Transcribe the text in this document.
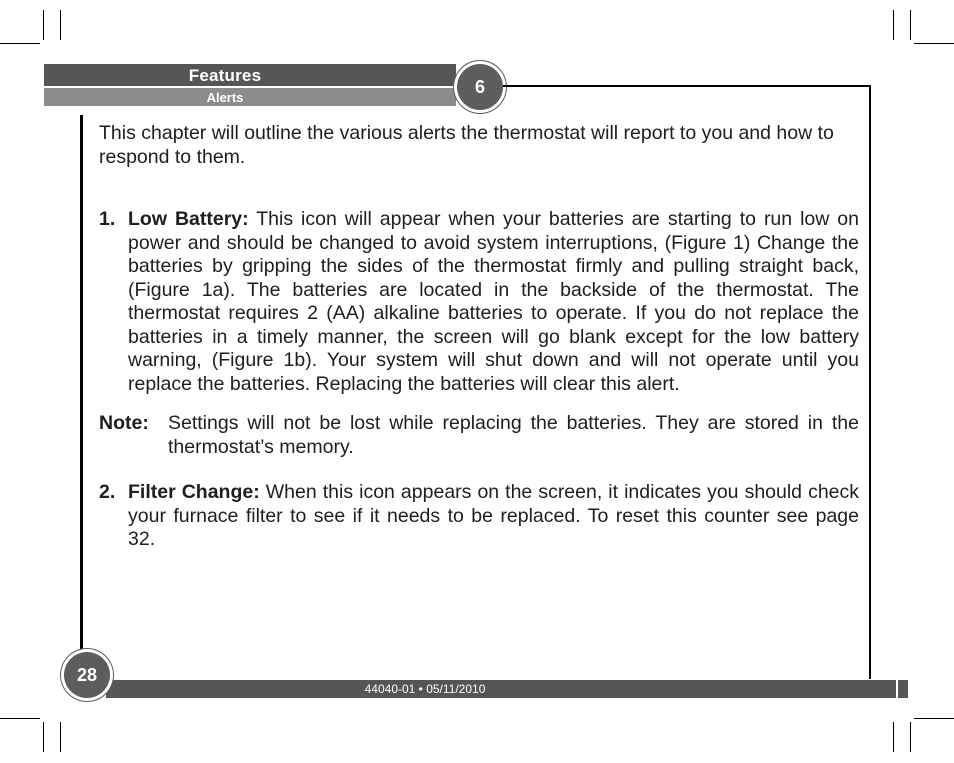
Features
Alerts
6
This chapter will outline the various alerts the thermostat will report to you and how to respond to them.
1. Low Battery: This icon will appear when your batteries are starting to run low on power and should be changed to avoid system interruptions, (Figure 1) Change the batteries by gripping the sides of the thermostat firmly and pulling straight back, (Figure 1a). The batteries are located in the backside of the thermostat. The thermostat requires 2 (AA) alkaline batteries to operate. If you do not replace the batteries in a timely manner, the screen will go blank except for the low battery warning, (Figure 1b). Your system will shut down and will not operate until you replace the batteries. Replacing the batteries will clear this alert.
Note: Settings will not be lost while replacing the batteries. They are stored in the thermostat’s memory.
2. Filter Change: When this icon appears on the screen, it indicates you should check your furnace filter to see if it needs to be replaced. To reset this counter see page 32.
28
44040-01 • 05/11/2010
